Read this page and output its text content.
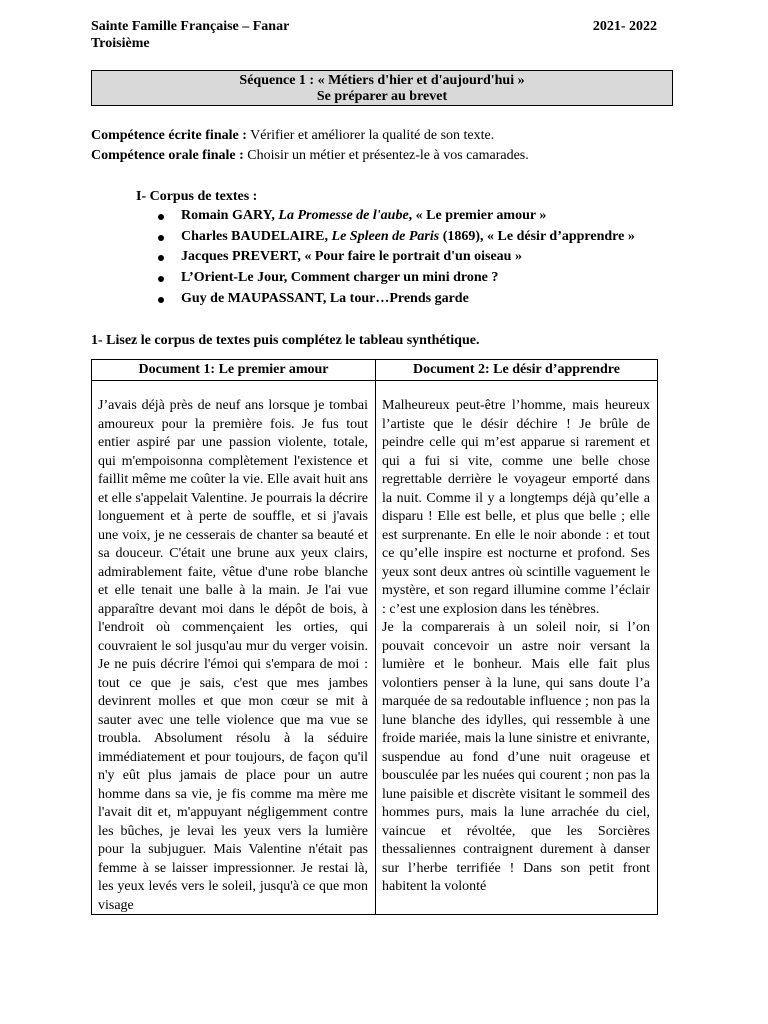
Sainte Famille Française – Fanar
Troisième
2021- 2022
Séquence 1 : « Métiers d'hier et d'aujourd'hui »
Se préparer au brevet
Compétence écrite finale : Vérifier et améliorer la qualité de son texte.
Compétence orale finale : Choisir un métier et présentez-le à vos camarades.
I- Corpus de textes :
Romain GARY, La Promesse de l'aube, « Le premier amour »
Charles BAUDELAIRE, Le Spleen de Paris (1869), « Le désir d’apprendre »
Jacques PREVERT, « Pour faire le portrait d'un oiseau »
L’Orient-Le Jour, Comment charger un mini drone ?
Guy de MAUPASSANT, La tour…Prends garde
1- Lisez le corpus de textes puis complétez le tableau synthétique.
Document 1: Le premier amour	Document 2: Le désir d’apprendre

J’avais déjà près de neuf ans lorsque je tombai amoureux pour la première fois. Je fus tout entier aspiré par une passion violente, totale, qui m'empoisonna complètement l'existence et faillit même me coûter la vie. Elle avait huit ans et elle s'appelait Valentine. Je pourrais la décrire longuement et à perte de souffle, et si j'avais une voix, je ne cesserais de chanter sa beauté et sa douceur. C'était une brune aux yeux clairs, admirablement faite, vêtue d'une robe blanche et elle tenait une balle à la main. Je l'ai vue apparaître devant moi dans le dépôt de bois, à l'endroit où commençaient les orties, qui couvraient le sol jusqu'au mur du verger voisin. Je ne puis décrire l'émoi qui s'empara de moi : tout ce que je sais, c'est que mes jambes devinrent molles et que mon cœur se mit à sauter avec une telle violence que ma vue se troubla. Absolument résolu à la séduire immédiatement et pour toujours, de façon qu'il n'y eût plus jamais de place pour un autre homme dans sa vie, je fis comme ma mère me l'avait dit et, m'appuyant négligemment contre les bûches, je levai les yeux vers la lumière pour la subjuguer. Mais Valentine n'était pas femme à se laisser impressionner. Je restai là, les yeux levés vers le soleil, jusqu'à ce que mon visage

Malheureux peut-être l’homme, mais heureux l’artiste que le désir déchire ! Je brûle de peindre celle qui m’est apparue si rarement et qui a fui si vite, comme une belle chose regrettable derrière le voyageur emporté dans la nuit. Comme il y a longtemps déjà qu’elle a disparu ! Elle est belle, et plus que belle ; elle est surprenante. En elle le noir abonde : et tout ce qu’elle inspire est nocturne et profond. Ses yeux sont deux antres où scintille vaguement le mystère, et son regard illumine comme l’éclair : c’est une explosion dans les ténèbres.

Je la comparerais à un soleil noir, si l’on pouvait concevoir un astre noir versant la lumière et le bonheur. Mais elle fait plus volontiers penser à la lune, qui sans doute l’a marquée de sa redoutable influence ; non pas la lune blanche des idylles, qui ressemble à une froide mariée, mais la lune sinistre et enivrante, suspendue au fond d’une nuit orageuse et bousculée par les nuées qui courent ; non pas la lune paisible et discrète visitant le sommeil des hommes purs, mais la lune arrachée du ciel, vaincue et révoltée, que les Sorcières thessaliennes contraignent durement à danser sur l’herbe terrifiée ! Dans son petit front habitent la volonté
